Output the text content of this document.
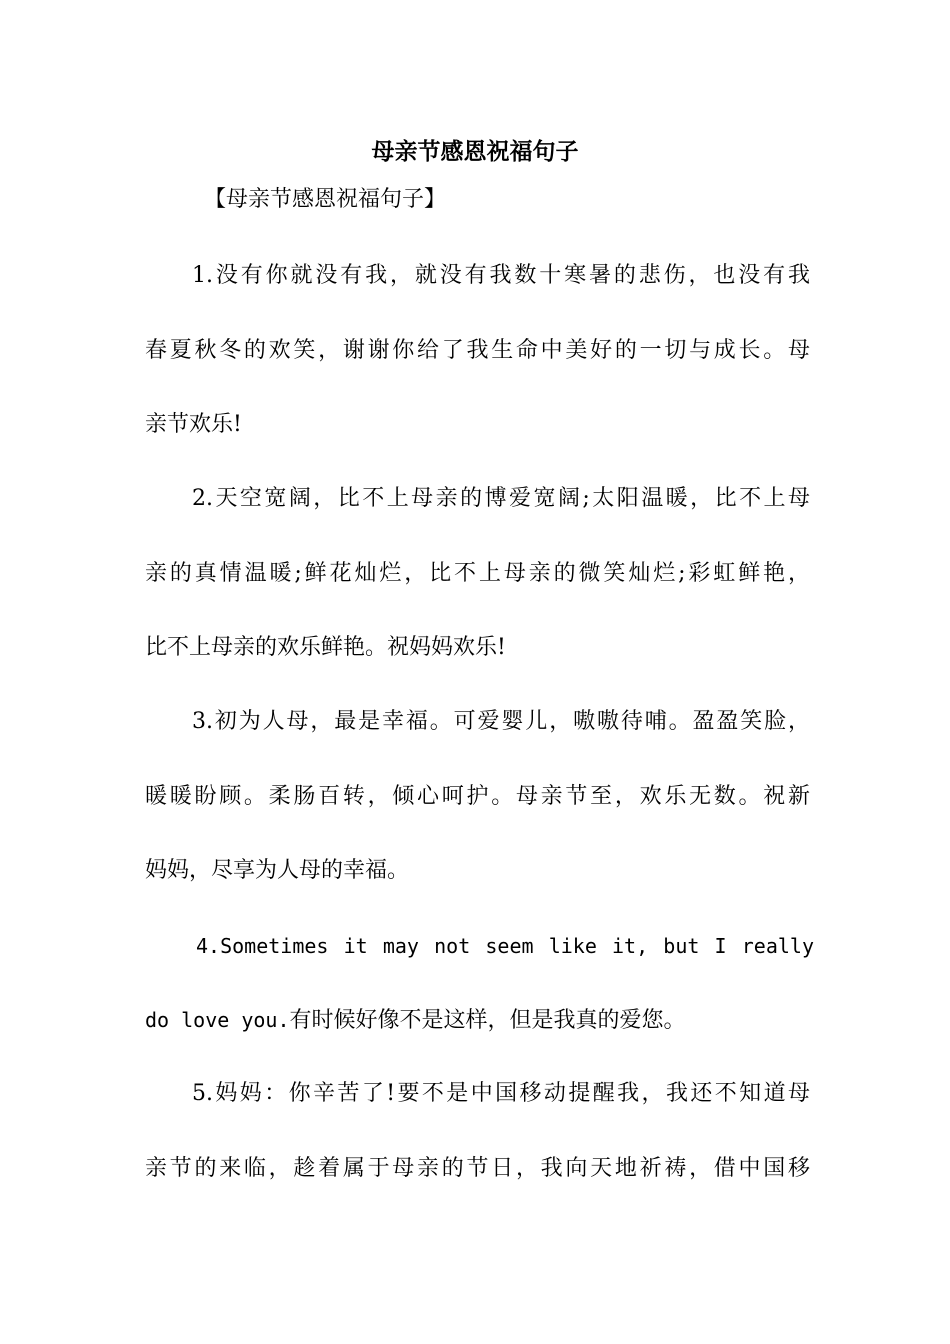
母亲节感恩祝福句子
【母亲节感恩祝福句子】
1.没有你就没有我，就没有我数十寒暑的悲伤，也没有我
春夏秋冬的欢笑，谢谢你给了我生命中美好的一切与成长。母
亲节欢乐!
2.天空宽阔，比不上母亲的博爱宽阔;太阳温暖，比不上母
亲的真情温暖;鲜花灿烂，比不上母亲的微笑灿烂;彩虹鲜艳，
比不上母亲的欢乐鲜艳。祝妈妈欢乐!
3.初为人母，最是幸福。可爱婴儿，嗷嗷待哺。盈盈笑脸，
暖暖盼顾。柔肠百转，倾心呵护。母亲节至，欢乐无数。祝新
妈妈，尽享为人母的幸福。
4.Sometimes it may not seem like it, but I really
do love you.有时候好像不是这样，但是我真的爱您。
5.妈妈：你辛苦了!要不是中国移动提醒我，我还不知道母
亲节的来临，趁着属于母亲的节日，我向天地祈祷，借中国移
